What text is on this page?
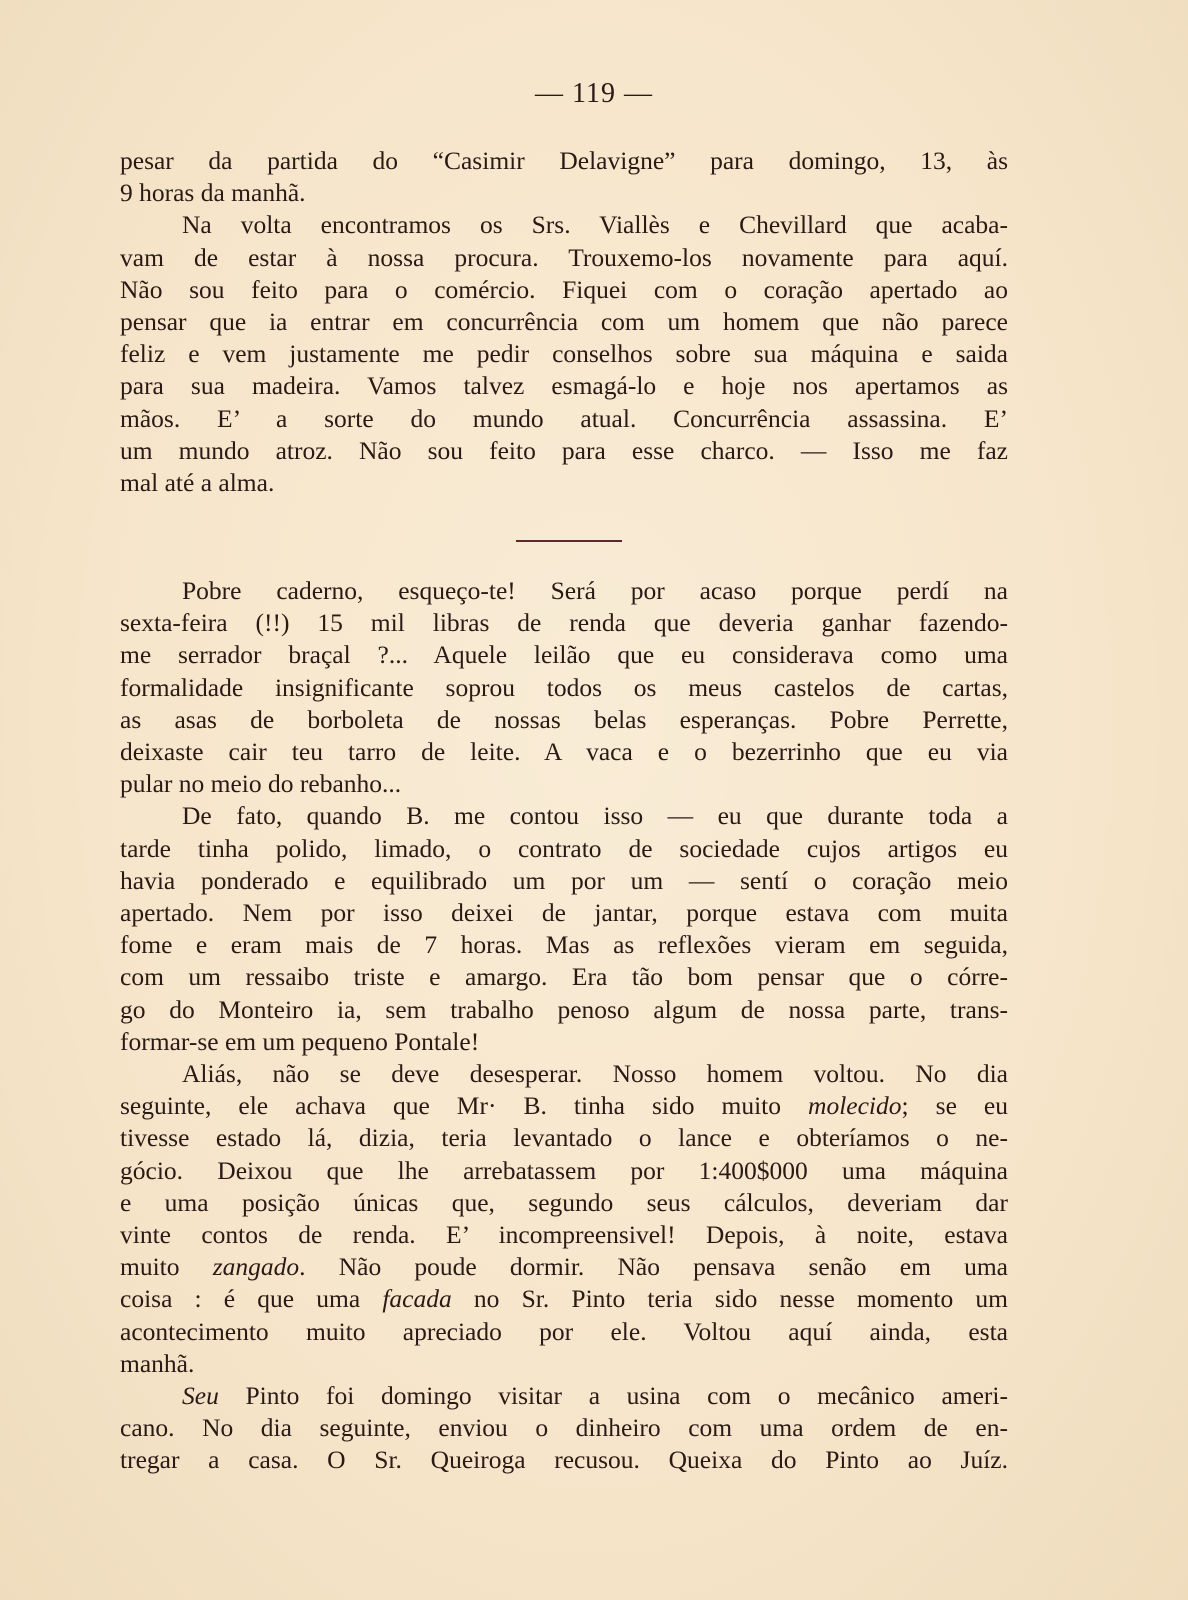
— 119 —
pesar da partida do “Casimir Delavigne” para domingo, 13, às
9 horas da manhã.
Na volta encontramos os Srs. Viallès e Chevillard que acaba-
vam de estar à nossa procura. Trouxemo-los novamente para aquí.
Não sou feito para o comércio. Fiquei com o coração apertado ao
pensar que ia entrar em concurrência com um homem que não parece
feliz e vem justamente me pedir conselhos sobre sua máquina e saida
para sua madeira. Vamos talvez esmagá-lo e hoje nos apertamos as
mãos. E’ a sorte do mundo atual. Concurrência assassina. E’
um mundo atroz. Não sou feito para esse charco. — Isso me faz
mal até a alma.
Pobre caderno, esqueço-te! Será por acaso porque perdí na
sexta-feira (!!) 15 mil libras de renda que deveria ganhar fazendo-
me serrador braçal ?... Aquele leilão que eu considerava como uma
formalidade insignificante soprou todos os meus castelos de cartas,
as asas de borboleta de nossas belas esperanças. Pobre Perrette,
deixaste cair teu tarro de leite. A vaca e o bezerrinho que eu via
pular no meio do rebanho...
De fato, quando B. me contou isso — eu que durante toda a
tarde tinha polido, limado, o contrato de sociedade cujos artigos eu
havia ponderado e equilibrado um por um — sentí o coração meio
apertado. Nem por isso deixei de jantar, porque estava com muita
fome e eram mais de 7 horas. Mas as reflexões vieram em seguida,
com um ressaibo triste e amargo. Era tão bom pensar que o córre-
go do Monteiro ia, sem trabalho penoso algum de nossa parte, trans-
formar-se em um pequeno Pontale!
Aliás, não se deve desesperar. Nosso homem voltou. No dia
seguinte, ele achava que Mr· B. tinha sido muito molecido; se eu
tivesse estado lá, dizia, teria levantado o lance e obteríamos o ne-
gócio. Deixou que lhe arrebatassem por 1:400$000 uma máquina
e uma posição únicas que, segundo seus cálculos, deveriam dar
vinte contos de renda. E’ incompreensivel! Depois, à noite, estava
muito zangado. Não poude dormir. Não pensava senão em uma
coisa : é que uma facada no Sr. Pinto teria sido nesse momento um
acontecimento muito apreciado por ele. Voltou aquí ainda, esta
manhã.
Seu Pinto foi domingo visitar a usina com o mecânico ameri-
cano. No dia seguinte, enviou o dinheiro com uma ordem de en-
tregar a casa. O Sr. Queiroga recusou. Queixa do Pinto ao Juíz.
